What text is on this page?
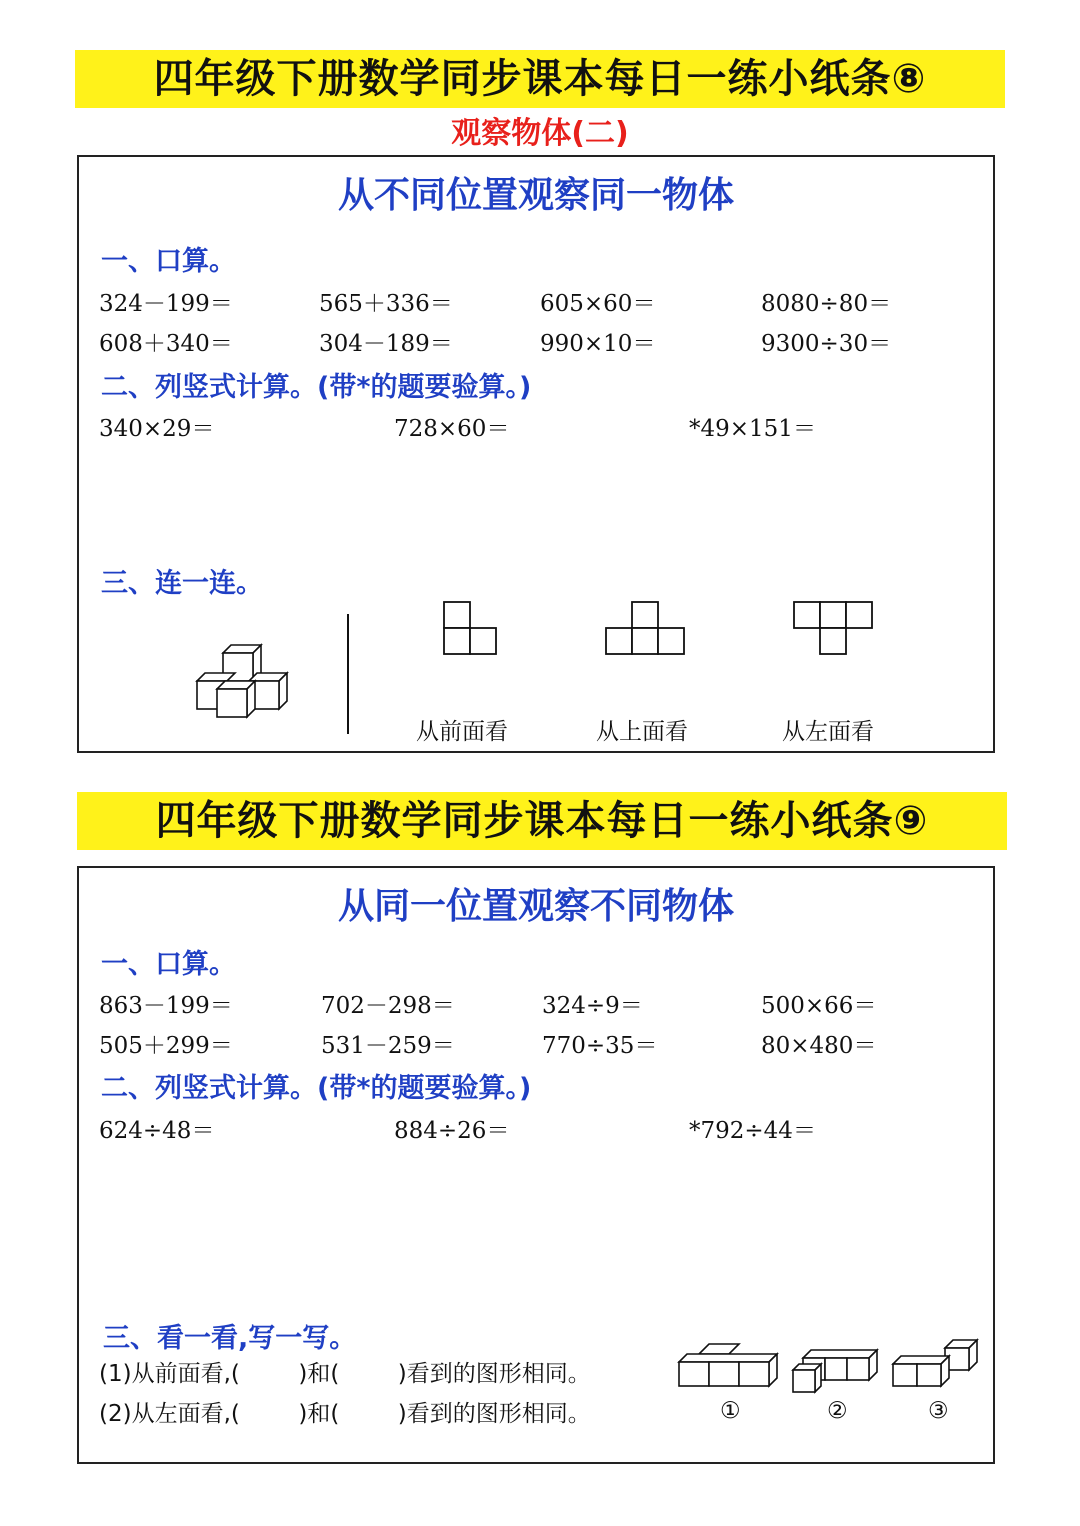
四年级下册数学同步课本每日一练小纸条⑧
观察物体(二)
从不同位置观察同一物体
一、口算。
324－199＝	565＋336＝	605×60＝	8080÷80＝
608＋340＝	304－189＝	990×10＝	9300÷30＝
二、列竖式计算。(带*的题要验算。)
340×29＝	728×60＝	*49×151＝
三、连一连。
从前面看	从上面看	从左面看
四年级下册数学同步课本每日一练小纸条⑨
从同一位置观察不同物体
一、口算。
863－199＝	702－298＝	324÷9＝	500×66＝
505＋299＝	531－259＝	770÷35＝	80×480＝
二、列竖式计算。(带*的题要验算。)
624÷48＝	884÷26＝	*792÷44＝
三、看一看,写一写。
(1)从前面看,(        )和(        )看到的图形相同。
(2)从左面看,(        )和(        )看到的图形相同。	①	②	③
